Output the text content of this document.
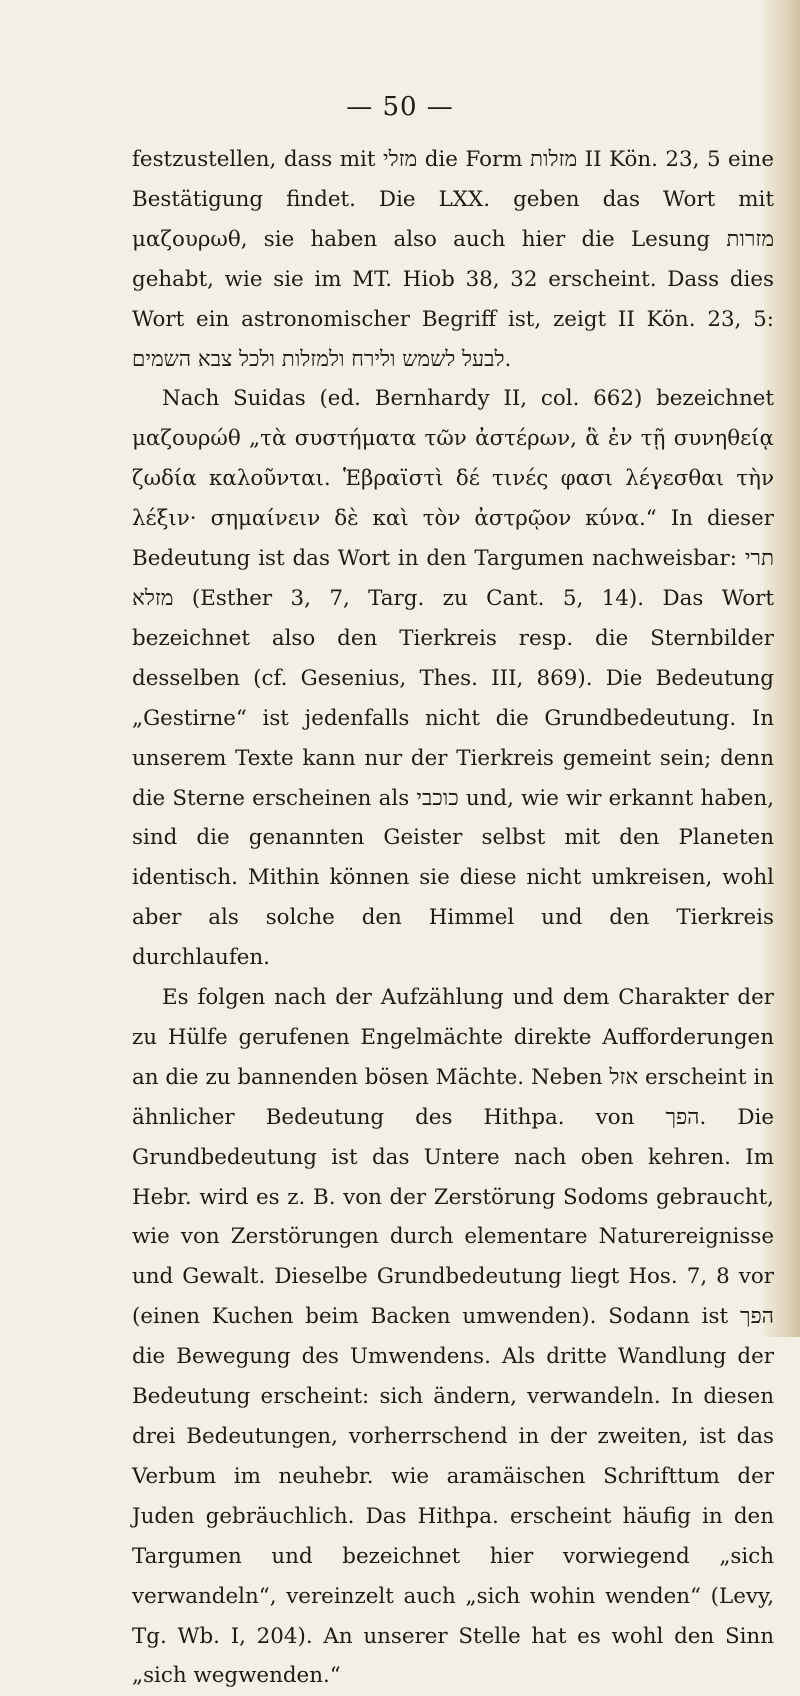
— 50 —

festzustellen, dass mit מזלי die Form מזלות II Kön. 23, 5 eine Bestätigung findet. Die LXX. geben das Wort mit μαζουρωθ, sie haben also auch hier die Lesung מזרות gehabt, wie sie im MT. Hiob 38, 32 erscheint. Dass dies Wort ein astronomischer Begriff ist, zeigt II Kön. 23, 5: לבעל לשמש ולירח ולמזלות ולכל צבא השמים.

Nach Suidas (ed. Bernhardy II, col. 662) bezeichnet μαζουρώθ „τὰ συστήματα τῶν ἀστέρων, ἃ ἐν τῇ συνηθείᾳ ζωδία καλοῦνται. Ἑβραϊστὶ δέ τινές φασι λέγεσθαι τὴν λέξιν· σημαίνειν δὲ καὶ τὸν ἀστρῷον κύνα.“ In dieser Bedeutung ist das Wort in den Targumen nachweisbar: תרי מזלא (Esther 3, 7, Targ. zu Cant. 5, 14). Das Wort bezeichnet also den Tierkreis resp. die Sternbilder desselben (cf. Gesenius, Thes. III, 869). Die Bedeutung „Gestirne“ ist jedenfalls nicht die Grundbedeutung. In unserem Texte kann nur der Tierkreis gemeint sein; denn die Sterne erscheinen als כוכבי und, wie wir erkannt haben, sind die genannten Geister selbst mit den Planeten identisch. Mithin können sie diese nicht umkreisen, wohl aber als solche den Himmel und den Tierkreis durchlaufen.

Es folgen nach der Aufzählung und dem Charakter der zu Hülfe gerufenen Engelmächte direkte Aufforderungen an die zu bannenden bösen Mächte. Neben אזל erscheint in ähnlicher Bedeutung des Hithpa. von הפך. Die Grundbedeutung ist das Untere nach oben kehren. Im Hebr. wird es z. B. von der Zerstörung Sodoms gebraucht, wie von Zerstörungen durch elementare Naturereignisse und Gewalt. Dieselbe Grundbedeutung liegt Hos. 7, 8 vor (einen Kuchen beim Backen umwenden). Sodann ist הפך die Bewegung des Umwendens. Als dritte Wandlung der Bedeutung erscheint: sich ändern, verwandeln. In diesen drei Bedeutungen, vorherrschend in der zweiten, ist das Verbum im neuhebr. wie aramäischen Schrifttum der Juden gebräuchlich. Das Hithpa. erscheint häufig in den Targumen und bezeichnet hier vorwiegend „sich verwandeln“, vereinzelt auch „sich wohin wenden“ (Levy, Tg. Wb. I, 204). An unserer Stelle hat es wohl den Sinn „sich wegwenden.“
